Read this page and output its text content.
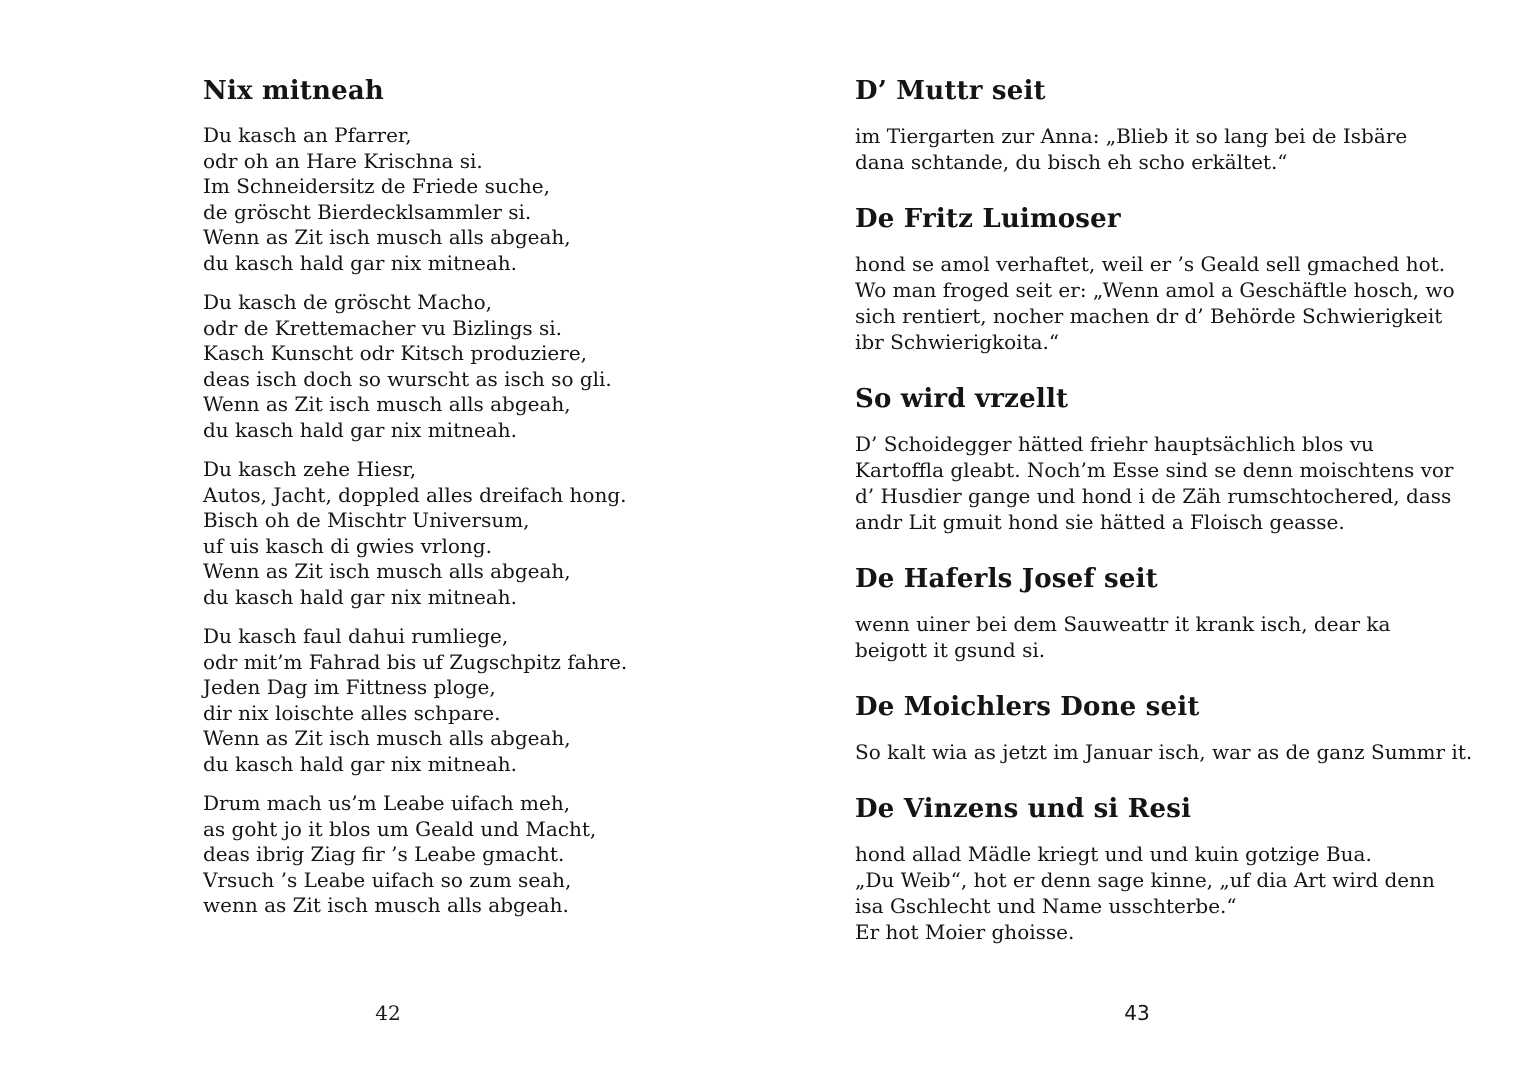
Nix mitneah
Du kasch an Pfarrer,
odr oh an Hare Krischna si.
Im Schneidersitz de Friede suche,
de gröscht Bierdecklsammler si.
Wenn as Zit isch musch alls abgeah,
du kasch hald gar nix mitneah.
Du kasch de gröscht Macho,
odr de Krettemacher vu Bizlings si.
Kasch Kunscht odr Kitsch produziere,
deas isch doch so wurscht as isch so gli.
Wenn as Zit isch musch alls abgeah,
du kasch hald gar nix mitneah.
Du kasch zehe Hiesr,
Autos, Jacht, doppled alles dreifach hong.
Bisch oh de Mischtr Universum,
uf uis kasch di gwies vrlong.
Wenn as Zit isch musch alls abgeah,
du kasch hald gar nix mitneah.
Du kasch faul dahui rumliege,
odr mit’m Fahrad bis uf Zugschpitz fahre.
Jeden Dag im Fittness ploge,
dir nix loischte alles schpare.
Wenn as Zit isch musch alls abgeah,
du kasch hald gar nix mitneah.
Drum mach us’m Leabe uifach meh,
as goht jo it blos um Geald und Macht,
deas ibrig Ziag fir ’s Leabe gmacht.
Vrsuch ’s Leabe uifach so zum seah,
wenn as Zit isch musch alls abgeah.
D’ Muttr seit
im Tiergarten zur Anna: „Blieb it so lang bei de Isbäre
dana schtande, du bisch eh scho erkältet.“
De Fritz Luimoser
hond se amol verhaftet, weil er ’s Geald sell gmached hot.
Wo man froged seit er: „Wenn amol a Geschäftle hosch, wo
sich rentiert, nocher machen dr d’ Behörde Schwierigkeit
ibr Schwierigkoita.“
So wird vrzellt
D’ Schoidegger hätted friehr hauptsächlich blos vu
Kartoffla gleabt. Noch’m Esse sind se denn moischtens vor
d’ Husdier gange und hond i de Zäh rumschtochered, dass
andr Lit gmuit hond sie hätted a Floisch geasse.
De Haferls Josef seit
wenn uiner bei dem Sauweattr it krank isch, dear ka
beigott it gsund si.
De Moichlers Done seit
So kalt wia as jetzt im Januar isch, war as de ganz Summr it.
De Vinzens und si Resi
hond allad Mädle kriegt und und kuin gotzige Bua.
„Du Weib“, hot er denn sage kinne, „uf dia Art wird denn
isa Gschlecht und Name usschterbe.“
Er hot Moier ghoisse.
42	43
